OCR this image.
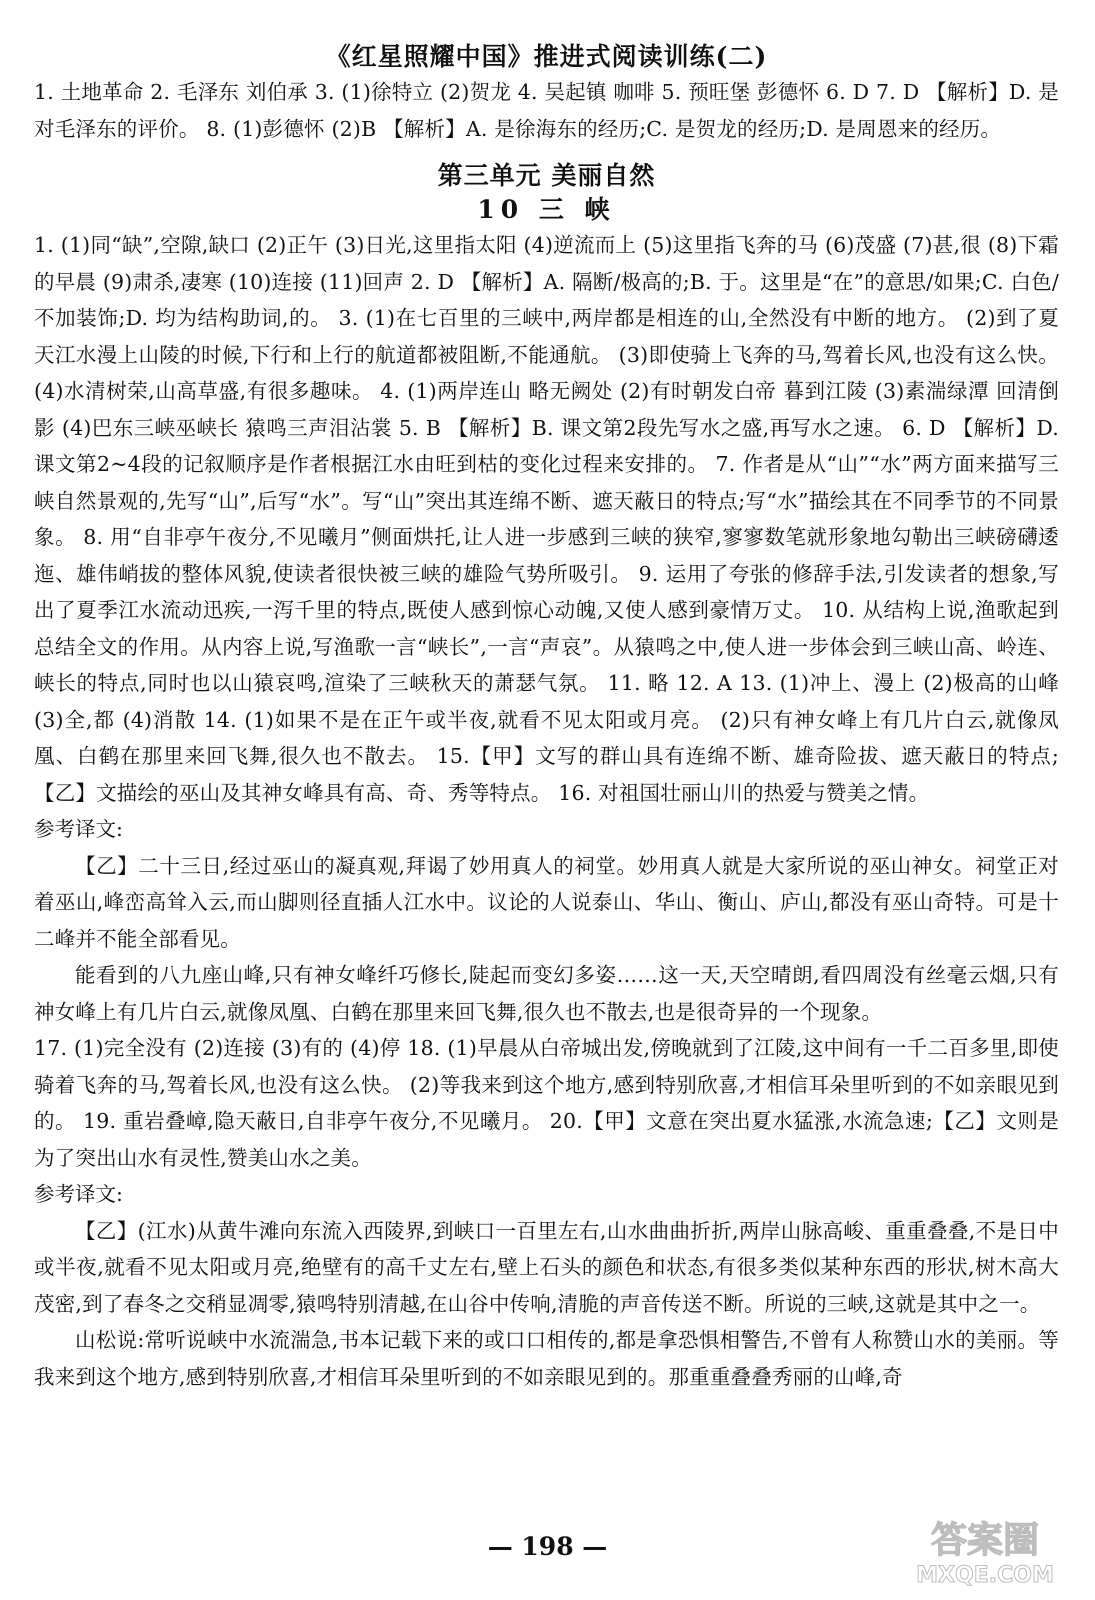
《红星照耀中国》推进式阅读训练(二)

1. 土地革命 2. 毛泽东 刘伯承 3. (1)徐特立 (2)贺龙 4. 吴起镇 咖啡 5. 预旺堡 彭德怀 6. D 7. D 【解析】D. 是对毛泽东的评价。 8. (1)彭德怀 (2)B 【解析】A. 是徐海东的经历;C. 是贺龙的经历;D. 是周恩来的经历。

第三单元 美丽自然
10 三 峡

1. (1)同“缺”,空隙,缺口 (2)正午 (3)日光,这里指太阳 (4)逆流而上 (5)这里指飞奔的马 (6)茂盛 (7)甚,很 (8)下霜的早晨 (9)肃杀,凄寒 (10)连接 (11)回声 2. D 【解析】A. 隔断/极高的;B. 于。这里是“在”的意思/如果;C. 白色/不加装饰;D. 均为结构助词,的。 3. (1)在七百里的三峡中,两岸都是相连的山,全然没有中断的地方。 (2)到了夏天江水漫上山陵的时候,下行和上行的航道都被阻断,不能通航。 (3)即使骑上飞奔的马,驾着长风,也没有这么快。 (4)水清树荣,山高草盛,有很多趣味。 4. (1)两岸连山 略无阙处 (2)有时朝发白帝 暮到江陵 (3)素湍绿潭 回清倒影 (4)巴东三峡巫峡长 猿鸣三声泪沾裳 5. B 【解析】B. 课文第2段先写水之盛,再写水之速。 6. D 【解析】D. 课文第2~4段的记叙顺序是作者根据江水由旺到枯的变化过程来安排的。 7. 作者是从“山”“水”两方面来描写三峡自然景观的,先写“山”,后写“水”。写“山”突出其连绵不断、遮天蔽日的特点;写“水”描绘其在不同季节的不同景象。 8. 用“自非亭午夜分,不见曦月”侧面烘托,让人进一步感到三峡的狭窄,寥寥数笔就形象地勾勒出三峡磅礴逶迤、雄伟峭拔的整体风貌,使读者很快被三峡的雄险气势所吸引。 9. 运用了夸张的修辞手法,引发读者的想象,写出了夏季江水流动迅疾,一泻千里的特点,既使人感到惊心动魄,又使人感到豪情万丈。 10. 从结构上说,渔歌起到总结全文的作用。从内容上说,写渔歌一言“峡长”,一言“声哀”。从猿鸣之中,使人进一步体会到三峡山高、岭连、峡长的特点,同时也以山猿哀鸣,渲染了三峡秋天的萧瑟气氛。 11. 略 12. A 13. (1)冲上、漫上 (2)极高的山峰 (3)全,都 (4)消散 14. (1)如果不是在正午或半夜,就看不见太阳或月亮。 (2)只有神女峰上有几片白云,就像凤凰、白鹤在那里来回飞舞,很久也不散去。 15.【甲】文写的群山具有连绵不断、雄奇险拔、遮天蔽日的特点;【乙】文描绘的巫山及其神女峰具有高、奇、秀等特点。 16. 对祖国壮丽山川的热爱与赞美之情。

参考译文:

【乙】二十三日,经过巫山的凝真观,拜谒了妙用真人的祠堂。妙用真人就是大家所说的巫山神女。祠堂正对着巫山,峰峦高耸入云,而山脚则径直插人江水中。议论的人说泰山、华山、衡山、庐山,都没有巫山奇特。可是十二峰并不能全部看见。

能看到的八九座山峰,只有神女峰纤巧修长,陡起而变幻多姿……这一天,天空晴朗,看四周没有丝毫云烟,只有神女峰上有几片白云,就像凤凰、白鹤在那里来回飞舞,很久也不散去,也是很奇异的一个现象。

17. (1)完全没有 (2)连接 (3)有的 (4)停 18. (1)早晨从白帝城出发,傍晚就到了江陵,这中间有一千二百多里,即使骑着飞奔的马,驾着长风,也没有这么快。 (2)等我来到这个地方,感到特别欣喜,才相信耳朵里听到的不如亲眼见到的。 19. 重岩叠嶂,隐天蔽日,自非亭午夜分,不见曦月。 20.【甲】文意在突出夏水猛涨,水流急速;【乙】文则是为了突出山水有灵性,赞美山水之美。

参考译文:

【乙】(江水)从黄牛滩向东流入西陵界,到峡口一百里左右,山水曲曲折折,两岸山脉高峻、重重叠叠,不是日中或半夜,就看不见太阳或月亮,绝壁有的高千丈左右,壁上石头的颜色和状态,有很多类似某种东西的形状,树木高大茂密,到了春冬之交稍显凋零,猿鸣特别清越,在山谷中传响,清脆的声音传送不断。所说的三峡,这就是其中之一。

山松说:常听说峡中水流湍急,书本记载下来的或口口相传的,都是拿恐惧相警告,不曾有人称赞山水的美丽。等我来到这个地方,感到特别欣喜,才相信耳朵里听到的不如亲眼见到的。那重重叠叠秀丽的山峰,奇

— 198 —	答案圈
MXQE.COM
